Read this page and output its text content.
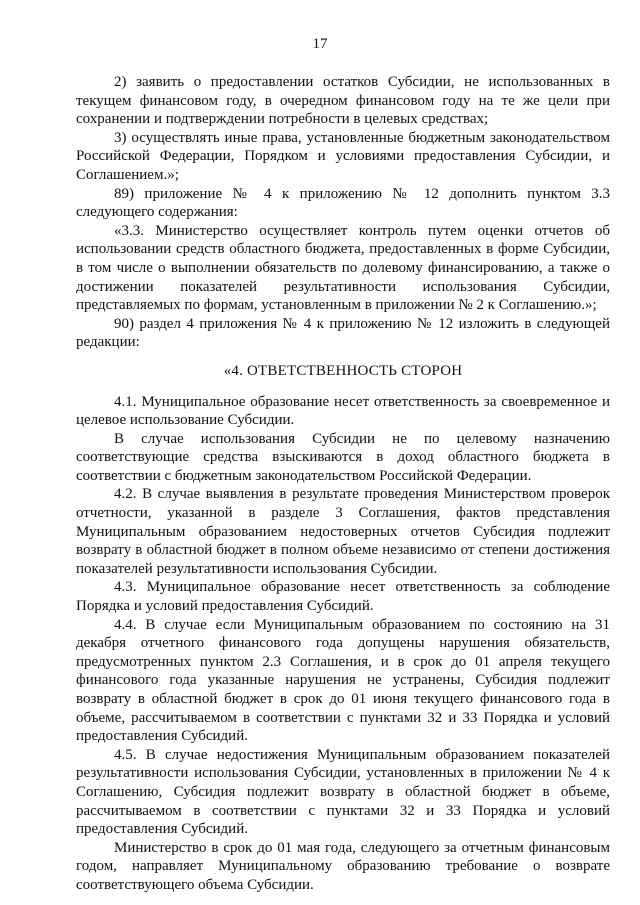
17

2) заявить о предоставлении остатков Субсидии, не использованных в текущем финансовом году, в очередном финансовом году на те же цели при сохранении и подтверждении потребности в целевых средствах;

3) осуществлять иные права, установленные бюджетным законодательством Российской Федерации, Порядком и условиями предоставления Субсидии, и Соглашением.»;

89) приложение № 4 к приложению № 12 дополнить пунктом 3.3 следующего содержания:

«3.3. Министерство осуществляет контроль путем оценки отчетов об использовании средств областного бюджета, предоставленных в форме Субсидии, в том числе о выполнении обязательств по долевому финансированию, а также о достижении показателей результативности использования Субсидии, представляемых по формам, установленным в приложении № 2 к Соглашению.»;

90) раздел 4 приложения № 4 к приложению № 12 изложить в следующей редакции:

«4. ОТВЕТСТВЕННОСТЬ СТОРОН

4.1. Муниципальное образование несет ответственность за своевременное и целевое использование Субсидии.

В случае использования Субсидии не по целевому назначению соответствующие средства взыскиваются в доход областного бюджета в соответствии с бюджетным законодательством Российской Федерации.

4.2. В случае выявления в результате проведения Министерством проверок отчетности, указанной в разделе 3 Соглашения, фактов представления Муниципальным образованием недостоверных отчетов Субсидия подлежит возврату в областной бюджет в полном объеме независимо от степени достижения показателей результативности использования Субсидии.

4.3. Муниципальное образование несет ответственность за соблюдение Порядка и условий предоставления Субсидий.

4.4. В случае если Муниципальным образованием по состоянию на 31 декабря отчетного финансового года допущены нарушения обязательств, предусмотренных пунктом 2.3 Соглашения, и в срок до 01 апреля текущего финансового года указанные нарушения не устранены, Субсидия подлежит возврату в областной бюджет в срок до 01 июня текущего финансового года в объеме, рассчитываемом в соответствии с пунктами 32 и 33 Порядка и условий предоставления Субсидий.

4.5. В случае недостижения Муниципальным образованием показателей результативности использования Субсидии, установленных в приложении № 4 к Соглашению, Субсидия подлежит возврату в областной бюджет в объеме, рассчитываемом в соответствии с пунктами 32 и 33 Порядка и условий предоставления Субсидий.

Министерство в срок до 01 мая года, следующего за отчетным финансовым годом, направляет Муниципальному образованию требование о возврате соответствующего объема Субсидии.
